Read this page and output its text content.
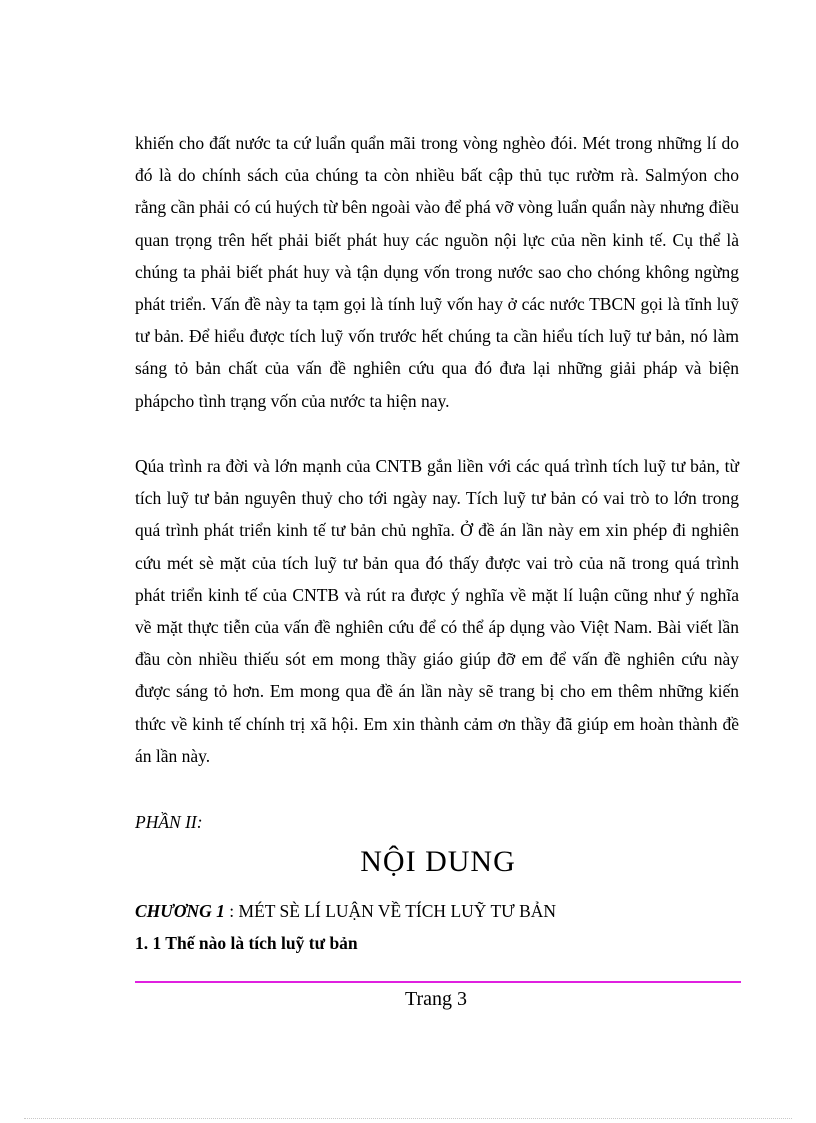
khiến cho đất nước ta cứ luẩn quẩn mãi trong vòng nghèo đói. Mét trong những lí do đó là do chính sách của chúng ta còn nhiều bất cập thủ tục rườm rà. Salmýon cho rằng cần phải có cú huých từ bên ngoài vào để phá vỡ vòng luẩn quẩn này nhưng điều quan trọng trên hết phải biết phát huy các nguồn nội lực của nền kinh tế. Cụ thể là chúng ta phải biết phát huy và tận dụng vốn trong nước sao cho chóng không ngừng phát triển. Vấn đề này ta tạm gọi là tính luỹ vốn hay ở các nước TBCN gọi là tĩnh luỹ tư bản. Để hiểu được tích luỹ vốn trước hết chúng ta cần hiểu tích luỹ tư bản, nó làm sáng tỏ bản chất của vấn đề nghiên cứu qua đó đưa lại những giải pháp và biện phápcho tình trạng vốn của nước ta hiện nay.

Qúa trình ra đời và lớn mạnh của CNTB gắn liền với các quá trình tích luỹ tư bản, từ tích luỹ tư bản nguyên thuỷ cho tới ngày nay. Tích luỹ tư bản có vai trò to lớn trong quá trình phát triển kinh tế tư bản chủ nghĩa. Ở đề án lần này em xin phép đi nghiên cứu mét sè mặt của tích luỹ tư bản qua đó thấy được vai trò của nã trong quá trình phát triển kinh tế của CNTB và rút ra được ý nghĩa về mặt lí luận cũng như ý nghĩa về mặt thực tiễn của vấn đề nghiên cứu để có thể áp dụng vào Việt Nam. Bài viết lần đầu còn nhiều thiếu sót em mong thầy giáo giúp đỡ em để vấn đề nghiên cứu này được sáng tỏ hơn. Em mong qua đề án lần này sẽ trang bị cho em thêm những kiến thức về kinh tế chính trị xã hội. Em xin thành cảm ơn thầy đã giúp em hoàn thành đề án lần này.

PHẦN II:

NỘI DUNG

CHƯƠNG 1 : MÉT SÈ LÍ LUẬN VỀ TÍCH LUỸ TƯ BẢN

1. 1 Thế nào là tích luỹ tư bản

Trang 3
